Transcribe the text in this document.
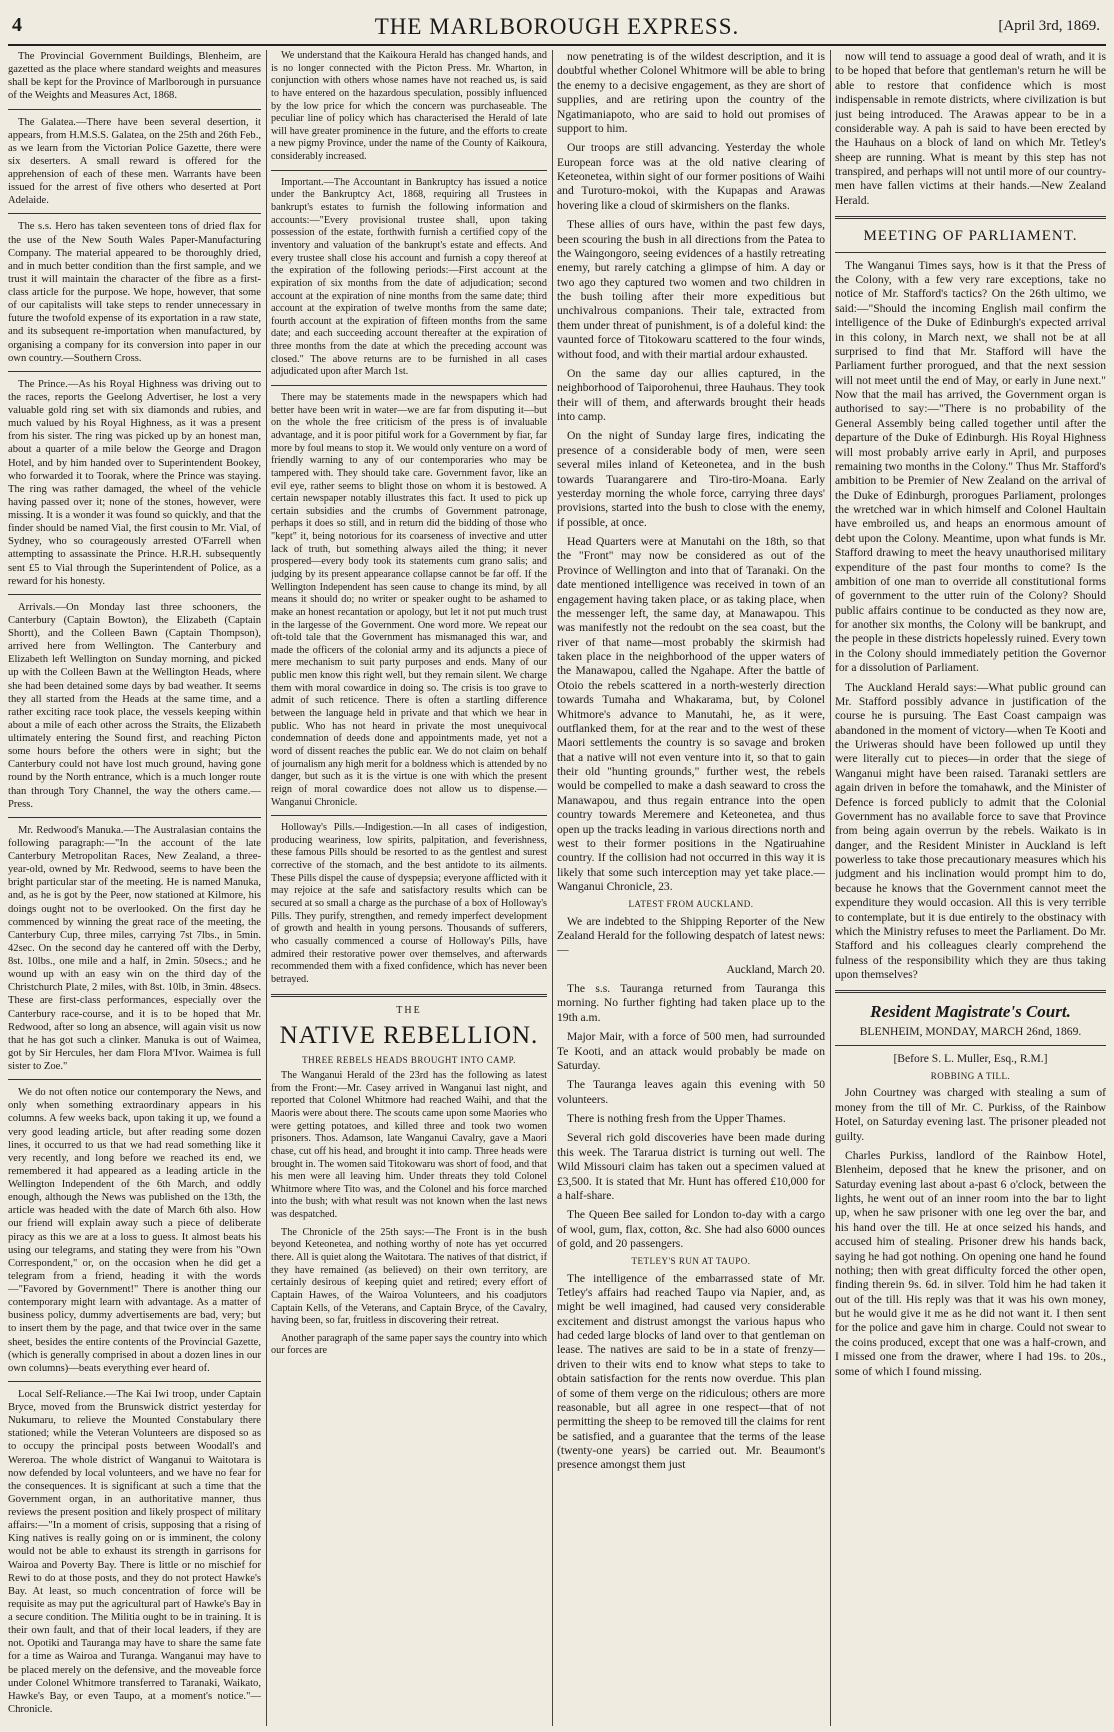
4	THE MARLBOROUGH EXPRESS.	[April 3rd, 1869.

The Provincial Government Buildings, Blenheim, are gazetted as the place where standard weights and measures shall be kept for the Province of Marlborough in pursuance of the Weights and Measures Act, 1868.

The Galatea.—There have been several desertion, it appears, from H.M.S.S. Galatea, on the 25th and 26th Feb., as we learn from the Victorian Police Gazette, there were six deserters. A small reward is offered for the apprehension of each of these men. Warrants have been issued for the arrest of five others who deserted at Port Adelaide.

The s.s. Hero has taken seventeen tons of dried flax for the use of the New South Wales Paper-Manufacturing Company. The material appeared to be thoroughly dried, and in much better condition than the first sample, and we trust it will maintain the character of the fibre as a first-class article for the purpose. We hope, however, that some of our capitalists will take steps to render unnecessary in future the twofold expense of its exportation in a raw state, and its subsequent re-importation when manufactured, by organising a company for its conversion into paper in our own country.—Southern Cross.

The Prince.—As his Royal Highness was driving out to the races, reports the Geelong Advertiser, he lost a very valuable gold ring set with six diamonds and rubies, and much valued by his Royal Highness, as it was a present from his sister. The ring was picked up by an honest man, about a quarter of a mile below the George and Dragon Hotel, and by him handed over to Superintendent Bookey, who forwarded it to Toorak, where the Prince was staying. The ring was rather damaged, the wheel of the vehicle having passed over it; none of the stones, however, were missing. It is a wonder it was found so quickly, and that the finder should be named Vial, the first cousin to Mr. Vial, of Sydney, who so courageously arrested O'Farrell when attempting to assassinate the Prince. H.R.H. subsequently sent £5 to Vial through the Superintendent of Police, as a reward for his honesty.

Arrivals.—On Monday last three schooners, the Canterbury (Captain Bowton), the Elizabeth (Captain Shortt), and the Colleen Bawn (Captain Thompson), arrived here from Wellington. The Canterbury and Elizabeth left Wellington on Sunday morning, and picked up with the Colleen Bawn at the Wellington Heads, where she had been detained some days by bad weather. It seems they all started from the Heads at the same time, and a rather exciting race took place, the vessels keeping within about a mile of each other across the Straits, the Elizabeth ultimately entering the Sound first, and reaching Picton some hours before the others were in sight; but the Canterbury could not have lost much ground, having gone round by the North entrance, which is a much longer route than through Tory Channel, the way the others came.—Press.

Mr. Redwood's Manuka.—The Australasian contains the following paragraph:—"In the account of the late Canterbury Metropolitan Races, New Zealand, a three-year-old, owned by Mr. Redwood, seems to have been the bright particular star of the meeting. He is named Manuka, and, as he is got by the Peer, now stationed at Kilmore, his doings ought not to be overlooked. On the first day he commenced by winning the great race of the meeting, the Canterbury Cup, three miles, carrying 7st 7lbs., in 5min. 42sec. On the second day he cantered off with the Derby, 8st. 10lbs., one mile and a half, in 2min. 50secs.; and he wound up with an easy win on the third day of the Christchurch Plate, 2 miles, with 8st. 10lb, in 3min. 48secs. These are first-class performances, especially over the Canterbury race-course, and it is to be hoped that Mr. Redwood, after so long an absence, will again visit us now that he has got such a clinker. Manuka is out of Waimea, got by Sir Hercules, her dam Flora M'Ivor. Waimea is full sister to Zoe."

We do not often notice our contemporary the News, and only when something extraordinary appears in his columns. A few weeks back, upon taking it up, we found a very good leading article, but after reading some dozen lines, it occurred to us that we had read something like it very recently, and long before we reached its end, we remembered it had appeared as a leading article in the Wellington Independent of the 6th March, and oddly enough, although the News was published on the 13th, the article was headed with the date of March 6th also. How our friend will explain away such a piece of deliberate piracy as this we are at a loss to guess. It almost beats his using our telegrams, and stating they were from his "Own Correspondent," or, on the occasion when he did get a telegram from a friend, heading it with the words—"Favored by Government!" There is another thing our contemporary might learn with advantage. As a matter of business policy, dummy advertisements are bad, very; but to insert them by the page, and that twice over in the same sheet, besides the entire contents of the Provincial Gazette, (which is generally comprised in about a dozen lines in our own columns)—beats everything ever heard of.

Local Self-Reliance.—The Kai Iwi troop, under Captain Bryce, moved from the Brunswick district yesterday for Nukumaru, to relieve the Mounted Constabulary there stationed; while the Veteran Volunteers are disposed so as to occupy the principal posts between Woodall's and Wereroa. The whole district of Wanganui to Waitotara is now defended by local volunteers, and we have no fear for the consequences. It is significant at such a time that the Government organ, in an authoritative manner, thus reviews the present position and likely prospect of military affairs:—"In a moment of crisis, supposing that a rising of King natives is really going on or is imminent, the colony would not be able to exhaust its strength in garrisons for Wairoa and Poverty Bay. There is little or no mischief for Rewi to do at those posts, and they do not protect Hawke's Bay. At least, so much concentration of force will be requisite as may put the agricultural part of Hawke's Bay in a secure condition. The Militia ought to be in training. It is their own fault, and that of their local leaders, if they are not. Opotiki and Tauranga may have to share the same fate for a time as Wairoa and Turanga. Wanganui may have to be placed merely on the defensive, and the moveable force under Colonel Whitmore transferred to Taranaki, Waikato, Hawke's Bay, or even Taupo, at a moment's notice."—Chronicle.

We understand that the Kaikoura Herald has changed hands, and is no longer connected with the Picton Press. Mr. Wharton, in conjunction with others whose names have not reached us, is said to have entered on the hazardous speculation, possibly influenced by the low price for which the concern was purchaseable. The peculiar line of policy which has characterised the Herald of late will have greater prominence in the future, and the efforts to create a new pigmy Province, under the name of the County of Kaikoura, considerably increased.

Important.—The Accountant in Bankruptcy has issued a notice under the Bankruptcy Act, 1868, requiring all Trustees in bankrupt's estates to furnish the following information and accounts:—"Every provisional trustee shall, upon taking possession of the estate, forthwith furnish a certified copy of the inventory and valuation of the bankrupt's estate and effects. And every trustee shall close his account and furnish a copy thereof at the expiration of the following periods:—First account at the expiration of six months from the date of adjudication; second account at the expiration of nine months from the same date; third account at the expiration of twelve months from the same date; fourth account at the expiration of fifteen months from the same date; and each succeeding account thereafter at the expiration of three months from the date at which the preceding account was closed." The above returns are to be furnished in all cases adjudicated upon after March 1st.

There may be statements made in the newspapers which had better have been writ in water—we are far from disputing it—but on the whole the free criticism of the press is of invaluable advantage, and it is poor pitiful work for a Government by fiar, far more by foul means to stop it. We would only venture on a word of friendly warning to any of our contemporaries who may be tampered with. They should take care. Government favor, like an evil eye, rather seems to blight those on whom it is bestowed. A certain newspaper notably illustrates this fact. It used to pick up certain subsidies and the crumbs of Government patronage, perhaps it does so still, and in return did the bidding of those who "kept" it, being notorious for its coarseness of invective and utter lack of truth, but something always ailed the thing; it never prospered—every body took its statements cum grano salis; and judging by its present appearance collapse cannot be far off. If the Wellington Independent has seen cause to change its mind, by all means it should do; no writer or speaker ought to be ashamed to make an honest recantation or apology, but let it not put much trust in the largesse of the Government. One word more. We repeat our oft-told tale that the Government has mismanaged this war, and made the officers of the colonial army and its adjuncts a piece of mere mechanism to suit party purposes and ends. Many of our public men know this right well, but they remain silent. We charge them with moral cowardice in doing so. The crisis is too grave to admit of such reticence. There is often a startling difference between the language held in private and that which we hear in public. Who has not heard in private the most unequivocal condemnation of deeds done and appointments made, yet not a word of dissent reaches the public ear. We do not claim on behalf of journalism any high merit for a boldness which is attended by no danger, but such as it is the virtue is one with which the present reign of moral cowardice does not allow us to dispense.—Wanganui Chronicle.

Holloway's Pills.—Indigestion.—In all cases of indigestion, producing weariness, low spirits, palpitation, and feverishness, these famous Pills should be resorted to as the gentlest and surest corrective of the stomach, and the best antidote to its ailments. These Pills dispel the cause of dyspepsia; everyone afflicted with it may rejoice at the safe and satisfactory results which can be secured at so small a charge as the purchase of a box of Holloway's Pills. They purify, strengthen, and remedy imperfect development of growth and health in young persons. Thousands of sufferers, who casually commenced a course of Holloway's Pills, have admired their restorative power over themselves, and afterwards recommended them with a fixed confidence, which has never been betrayed.

THE
NATIVE REBELLION.
THREE REBELS HEADS BROUGHT INTO CAMP.

The Wanganui Herald of the 23rd has the following as latest from the Front:—Mr. Casey arrived in Wanganui last night, and reported that Colonel Whitmore had reached Waihi, and that the Maoris were about there. The scouts came upon some Maories who were getting potatoes, and killed three and took two women prisoners. Thos. Adamson, late Wanganui Cavalry, gave a Maori chase, cut off his head, and brought it into camp. Three heads were brought in. The women said Titokowaru was short of food, and that his men were all leaving him. Under threats they told Colonel Whitmore where Tito was, and the Colonel and his force marched into the bush; with what result was not known when the last news was despatched.

The Chronicle of the 25th says:—The Front is in the bush beyond Keteonetea, and nothing worthy of note has yet occurred there. All is quiet along the Waitotara. The natives of that district, if they have remained (as believed) on their own territory, are certainly desirous of keeping quiet and retired; every effort of Captain Hawes, of the Wairoa Volunteers, and his coadjutors Captain Kells, of the Veterans, and Captain Bryce, of the Cavalry, having been, so far, fruitless in discovering their retreat.

Another paragraph of the same paper says the country into which our forces are

now penetrating is of the wildest description, and it is doubtful whether Colonel Whitmore will be able to bring the enemy to a decisive engagement, as they are short of supplies, and are retiring upon the country of the Ngatimaniapoto, who are said to hold out promises of support to him.

Our troops are still advancing. Yesterday the whole European force was at the old native clearing of Keteonetea, within sight of our former positions of Waihi and Turoturo-mokoi, with the Kupapas and Arawas hovering like a cloud of skirmishers on the flanks.

These allies of ours have, within the past few days, been scouring the bush in all directions from the Patea to the Waingongoro, seeing evidences of a hastily retreating enemy, but rarely catching a glimpse of him. A day or two ago they captured two women and two children in the bush toiling after their more expeditious but unchivalrous companions. Their tale, extracted from them under threat of punishment, is of a doleful kind: the vaunted force of Titokowaru scattered to the four winds, without food, and with their martial ardour exhausted.

On the same day our allies captured, in the neighborhood of Taiporohenui, three Hauhaus. They took their will of them, and afterwards brought their heads into camp.

On the night of Sunday large fires, indicating the presence of a considerable body of men, were seen several miles inland of Keteonetea, and in the bush towards Tuarangarere and Tiro-tiro-Moana. Early yesterday morning the whole force, carrying three days' provisions, started into the bush to close with the enemy, if possible, at once.

Head Quarters were at Manutahi on the 18th, so that the "Front" may now be considered as out of the Province of Wellington and into that of Taranaki. On the date mentioned intelligence was received in town of an engagement having taken place, or as taking place, when the messenger left, the same day, at Manawapou. This was manifestly not the redoubt on the sea coast, but the river of that name—most probably the skirmish had taken place in the neighborhood of the upper waters of the Manawapou, called the Ngahape. After the battle of Otoio the rebels scattered in a north-westerly direction towards Tumaha and Whakarama, but, by Colonel Whitmore's advance to Manutahi, he, as it were, outflanked them, for at the rear and to the west of these Maori settlements the country is so savage and broken that a native will not even venture into it, so that to gain their old "hunting grounds," further west, the rebels would be compelled to make a dash seaward to cross the Manawapou, and thus regain entrance into the open country towards Meremere and Keteonetea, and thus open up the tracks leading in various directions north and west to their former positions in the Ngatiruahine country. If the collision had not occurred in this way it is likely that some such interception may yet take place.—Wanganui Chronicle, 23.

LATEST FROM AUCKLAND.

We are indebted to the Shipping Reporter of the New Zealand Herald for the following despatch of latest news:—

Auckland, March 20.

The s.s. Tauranga returned from Tauranga this morning. No further fighting had taken place up to the 19th a.m.

Major Mair, with a force of 500 men, had surrounded Te Kooti, and an attack would probably be made on Saturday.

The Tauranga leaves again this evening with 50 volunteers.

There is nothing fresh from the Upper Thames.

Several rich gold discoveries have been made during this week. The Tararua district is turning out well. The Wild Missouri claim has taken out a specimen valued at £3,500. It is stated that Mr. Hunt has offered £10,000 for a half-share.

The Queen Bee sailed for London to-day with a cargo of wool, gum, flax, cotton, &c. She had also 6000 ounces of gold, and 20 passengers.

TETLEY'S RUN AT TAUPO.

The intelligence of the embarrassed state of Mr. Tetley's affairs had reached Taupo via Napier, and, as might be well imagined, had caused very considerable excitement and distrust amongst the various hapus who had ceded large blocks of land over to that gentleman on lease. The natives are said to be in a state of frenzy—driven to their wits end to know what steps to take to obtain satisfaction for the rents now overdue. This plan of some of them verge on the ridiculous; others are more reasonable, but all agree in one respect—that of not permitting the sheep to be removed till the claims for rent be satisfied, and a guarantee that the terms of the lease (twenty-one years) be carried out. Mr. Beaumont's presence amongst them just

now will tend to assuage a good deal of wrath, and it is to be hoped that before that gentleman's return he will be able to restore that confidence which is most indispensable in remote districts, where civilization is but just being introduced. The Arawas appear to be in a considerable way. A pah is said to have been erected by the Hauhaus on a block of land on which Mr. Tetley's sheep are running. What is meant by this step has not transpired, and perhaps will not until more of our country-men have fallen victims at their hands.—New Zealand Herald.

MEETING OF PARLIAMENT.

The Wanganui Times says, how is it that the Press of the Colony, with a few very rare exceptions, take no notice of Mr. Stafford's tactics? On the 26th ultimo, we said:—"Should the incoming English mail confirm the intelligence of the Duke of Edinburgh's expected arrival in this colony, in March next, we shall not be at all surprised to find that Mr. Stafford will have the Parliament further prorogued, and that the next session will not meet until the end of May, or early in June next." Now that the mail has arrived, the Government organ is authorised to say:—"There is no probability of the General Assembly being called together until after the departure of the Duke of Edinburgh. His Royal Highness will most probably arrive early in April, and purposes remaining two months in the Colony." Thus Mr. Stafford's ambition to be Premier of New Zealand on the arrival of the Duke of Edinburgh, prorogues Parliament, prolonges the wretched war in which himself and Colonel Haultain have embroiled us, and heaps an enormous amount of debt upon the Colony. Meantime, upon what funds is Mr. Stafford drawing to meet the heavy unauthorised military expenditure of the past four months to come? Is the ambition of one man to override all constitutional forms of government to the utter ruin of the Colony? Should public affairs continue to be conducted as they now are, for another six months, the Colony will be bankrupt, and the people in these districts hopelessly ruined. Every town in the Colony should immediately petition the Governor for a dissolution of Parliament.

The Auckland Herald says:—What public ground can Mr. Stafford possibly advance in justification of the course he is pursuing. The East Coast campaign was abandoned in the moment of victory—when Te Kooti and the Uriweras should have been followed up until they were literally cut to pieces—in order that the siege of Wanganui might have been raised. Taranaki settlers are again driven in before the tomahawk, and the Minister of Defence is forced publicly to admit that the Colonial Government has no available force to save that Province from being again overrun by the rebels. Waikato is in danger, and the Resident Minister in Auckland is left powerless to take those precautionary measures which his judgment and his inclination would prompt him to do, because he knows that the Government cannot meet the expenditure they would occasion. All this is very terrible to contemplate, but it is due entirely to the obstinacy with which the Ministry refuses to meet the Parliament. Do Mr. Stafford and his colleagues clearly comprehend the fulness of the responsibility which they are thus taking upon themselves?

Resident Magistrate's Court.

BLENHEIM, MONDAY, MARCH 26nd, 1869.

[Before S. L. Muller, Esq., R.M.]

ROBBING A TILL.

John Courtney was charged with stealing a sum of money from the till of Mr. C. Purkiss, of the Rainbow Hotel, on Saturday evening last. The prisoner pleaded not guilty.

Charles Purkiss, landlord of the Rainbow Hotel, Blenheim, deposed that he knew the prisoner, and on Saturday evening last about a-past 6 o'clock, between the lights, he went out of an inner room into the bar to light up, when he saw prisoner with one leg over the bar, and his hand over the till. He at once seized his hands, and accused him of stealing. Prisoner drew his hands back, saying he had got nothing. On opening one hand he found nothing; then with great difficulty forced the other open, finding therein 9s. 6d. in silver. Told him he had taken it out of the till. His reply was that it was his own money, but he would give it me as he did not want it. I then sent for the police and gave him in charge. Could not swear to the coins produced, except that one was a half-crown, and I missed one from the drawer, where I had 19s. to 20s., some of which I found missing.
